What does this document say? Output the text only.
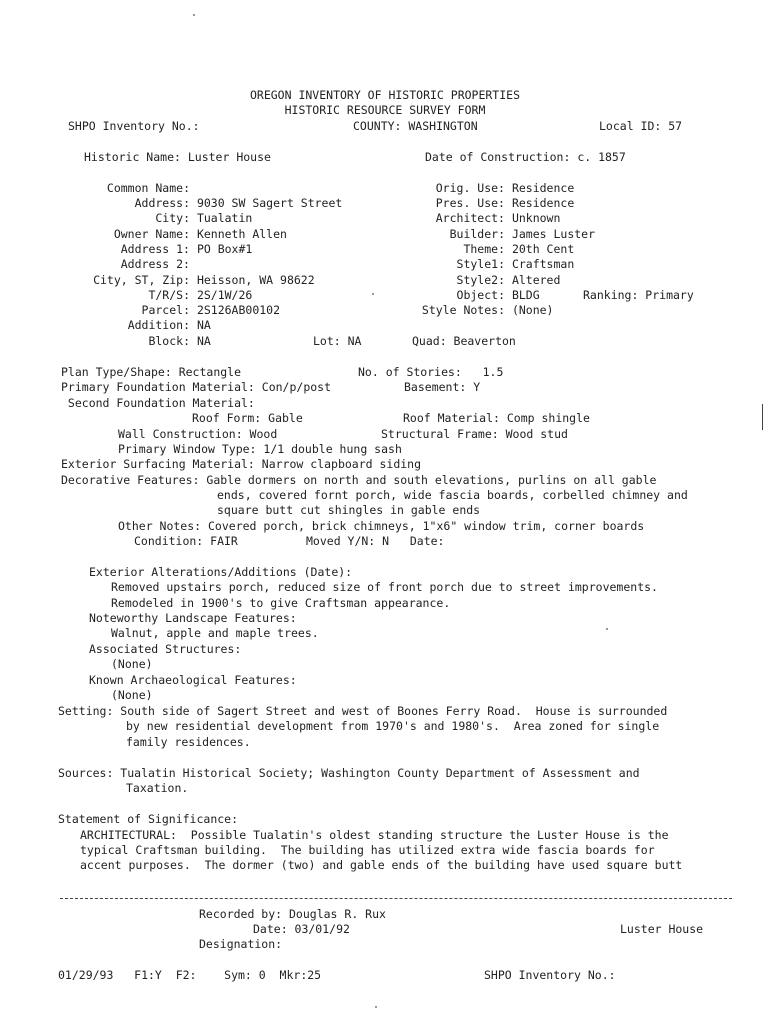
OREGON INVENTORY OF HISTORIC PROPERTIES
HISTORIC RESOURCE SURVEY FORM
SHPO Inventory No.:	COUNTY: WASHINGTON	Local ID: 57
Historic Name: Luster House	Date of Construction: c. 1857
Common Name:
Address: 9030 SW Sagert Street
City: Tualatin
Owner Name: Kenneth Allen
Address 1: PO Box#1
Address 2:
City, ST, Zip: Heisson, WA 98622
T/R/S: 2S/1W/26
Parcel: 2S126AB00102
Addition: NA
Block: NA	Lot: NA
Orig. Use: Residence
Pres. Use: Residence
Architect: Unknown
Builder: James Luster
Theme: 20th Cent
Style1: Craftsman
Style2: Altered
Object: BLDG
Style Notes: (None)
Ranking: Primary
Quad: Beaverton
Plan Type/Shape: Rectangle	No. of Stories:   1.5
Primary Foundation Material: Con/p/post	Basement: Y
Second Foundation Material:
Roof Form: Gable	Roof Material: Comp shingle
Wall Construction: Wood	Structural Frame: Wood stud
Primary Window Type: 1/1 double hung sash
Exterior Surfacing Material: Narrow clapboard siding
Decorative Features: Gable dormers on north and south elevations, purlins on all gable
ends, covered fornt porch, wide fascia boards, corbelled chimney and
square butt cut shingles in gable ends
Other Notes: Covered porch, brick chimneys, 1"x6" window trim, corner boards
Condition: FAIR	Moved Y/N: N   Date:
Exterior Alterations/Additions (Date):
Removed upstairs porch, reduced size of front porch due to street improvements.
Remodeled in 1900's to give Craftsman appearance.
Noteworthy Landscape Features:
Walnut, apple and maple trees.
Associated Structures:
(None)
Known Archaeological Features:
(None)
Setting: South side of Sagert Street and west of Boones Ferry Road.  House is surrounded
by new residential development from 1970's and 1980's.  Area zoned for single
family residences.
Sources: Tualatin Historical Society; Washington County Department of Assessment and
Taxation.
Statement of Significance:
ARCHITECTURAL:  Possible Tualatin's oldest standing structure the Luster House is the
typical Craftsman building.  The building has utilized extra wide fascia boards for
accent purposes.  The dormer (two) and gable ends of the building have used square butt
Recorded by: Douglas R. Rux
Date: 03/01/92	Luster House
Designation:
01/29/93   F1:Y  F2:    Sym: 0  Mkr:25	SHPO Inventory No.:
